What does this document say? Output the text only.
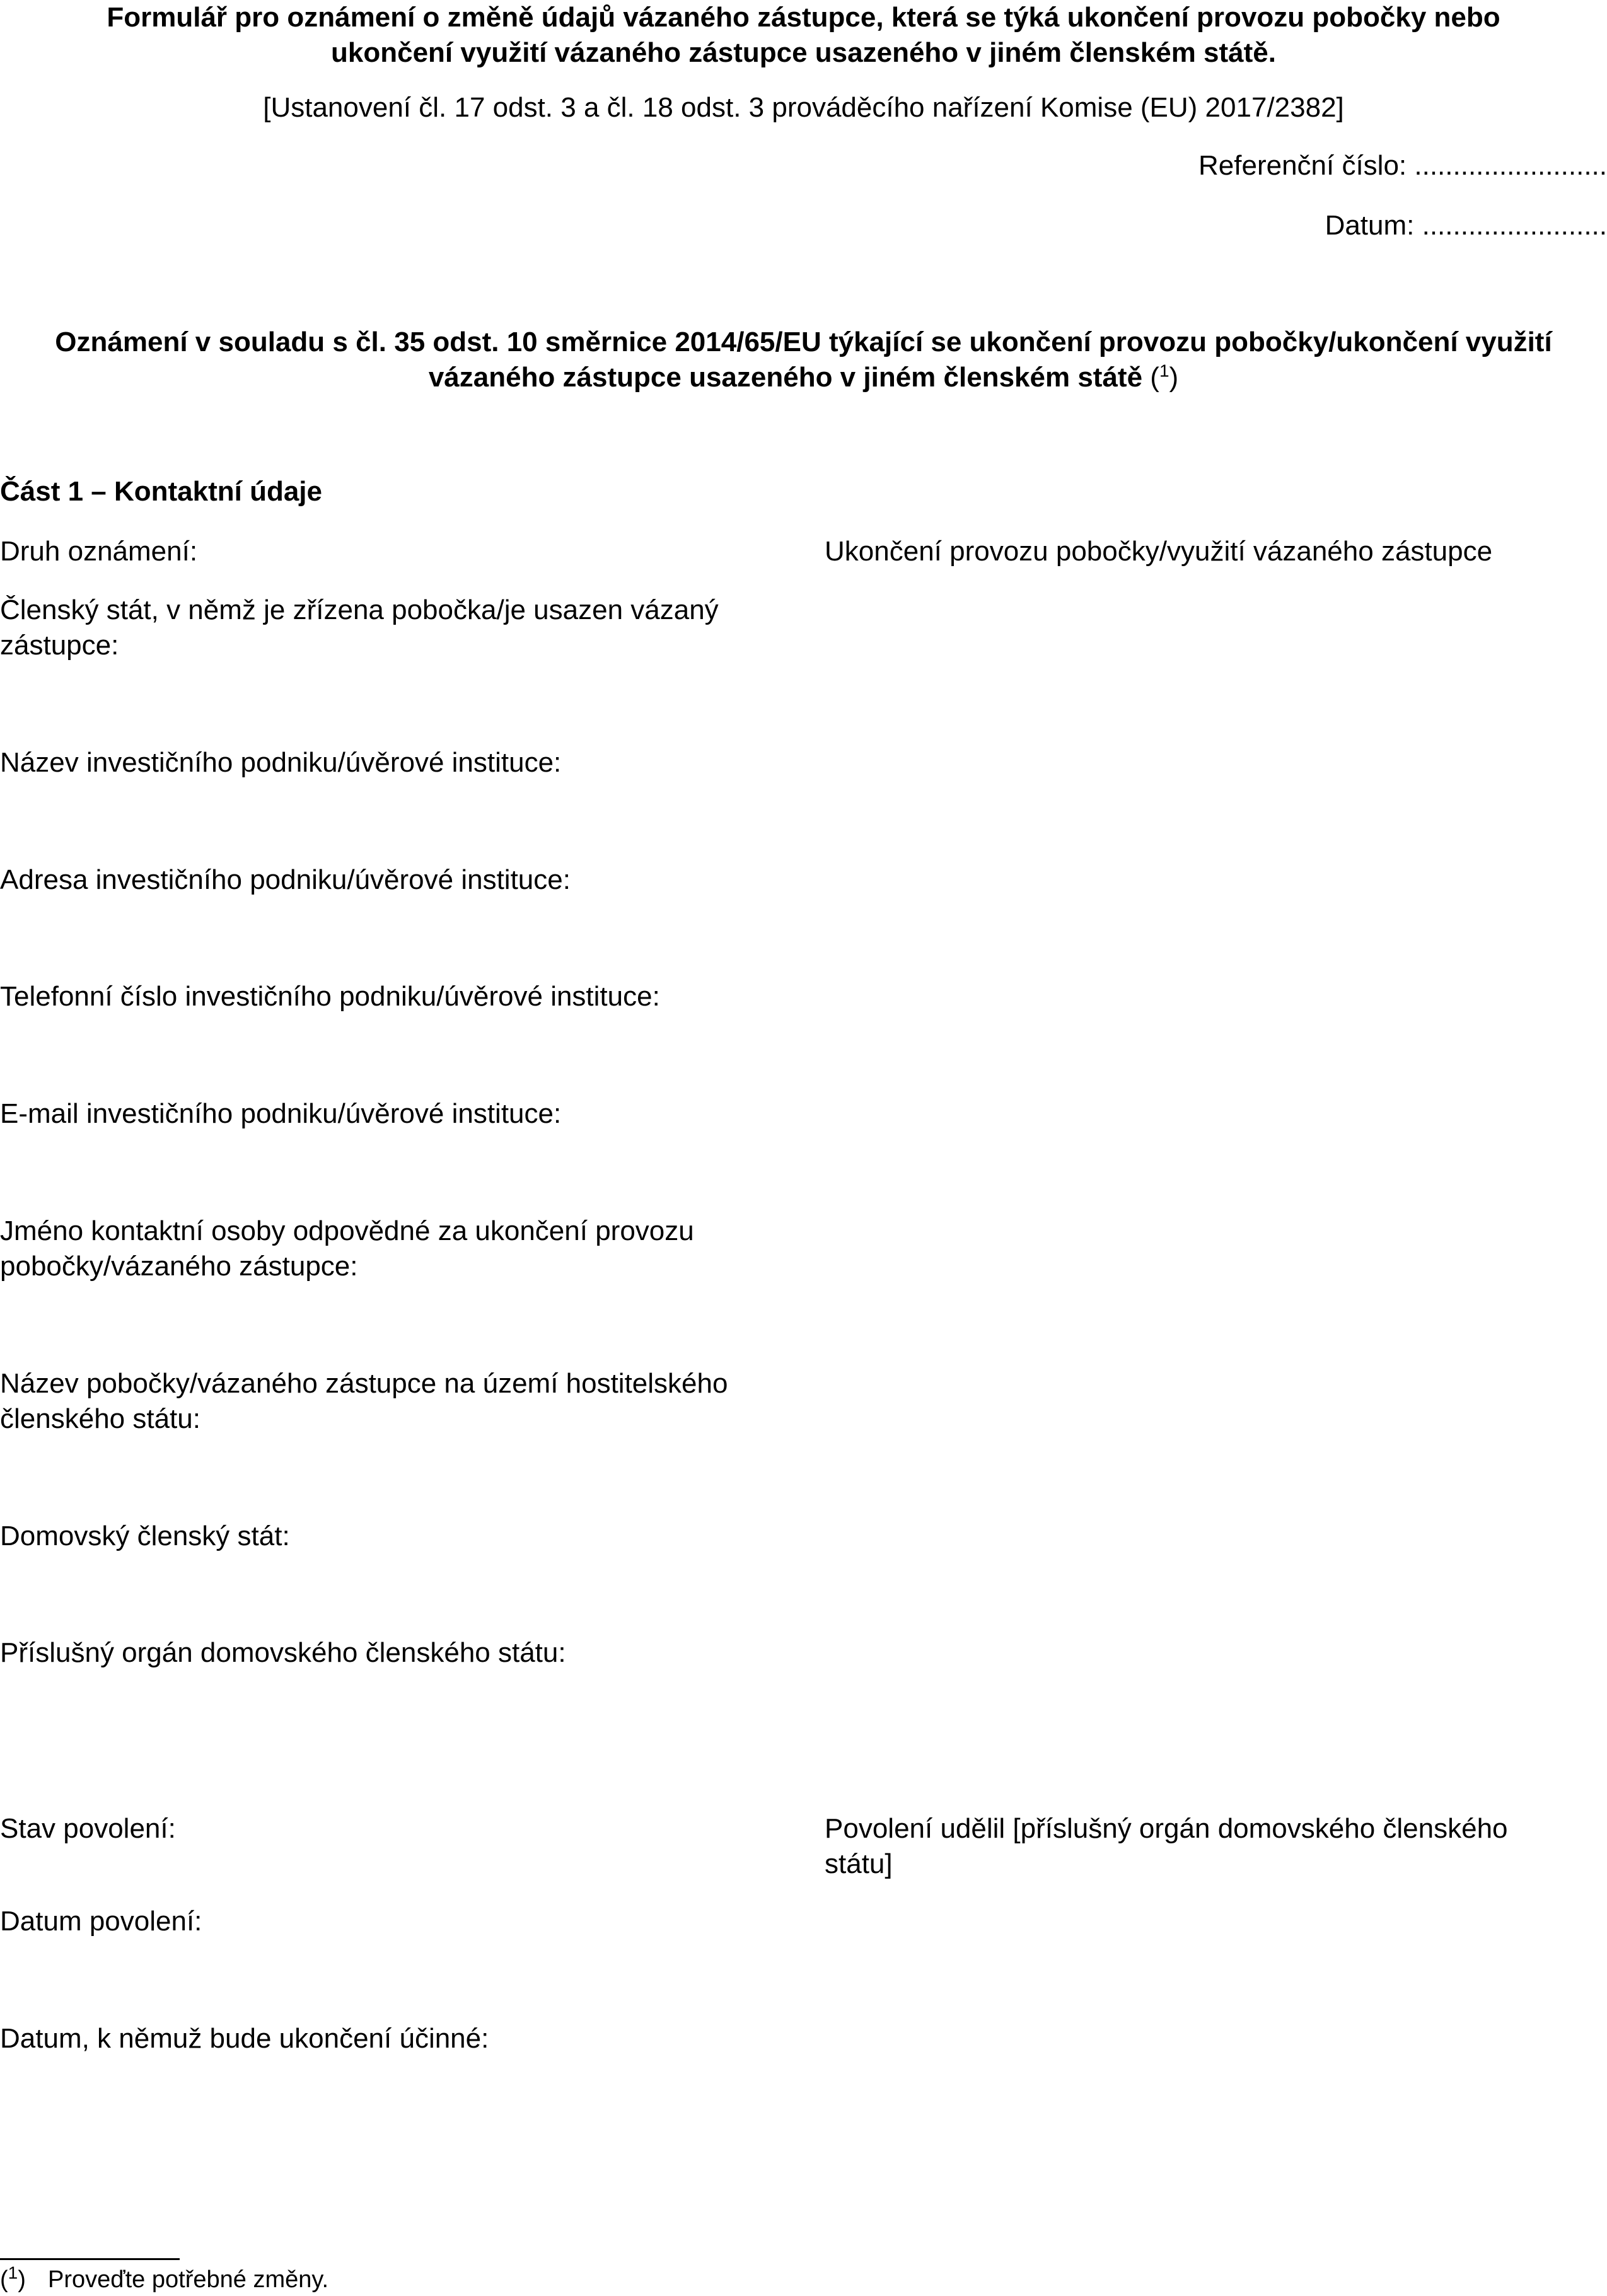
Formulář pro oznámení o změně údajů vázaného zástupce, která se týká ukončení provozu pobočky nebo
ukončení využití vázaného zástupce usazeného v jiném členském státě.
[Ustanovení čl. 17 odst. 3 a čl. 18 odst. 3 prováděcího nařízení Komise (EU) 2017/2382]
Referenční číslo: .........................
Datum: ........................
Oznámení v souladu s čl. 35 odst. 10 směrnice 2014/65/EU týkající se ukončení provozu pobočky/ukončení využití
vázaného zástupce usazeného v jiném členském státě ($^1$)
Část 1 – Kontaktní údaje
Druh oznámení:	Ukončení provozu pobočky/využití vázaného zástupce
Členský stát, v němž je zřízena pobočka/je usazen vázaný
zástupce:
Název investičního podniku/úvěrové instituce:
Adresa investičního podniku/úvěrové instituce:
Telefonní číslo investičního podniku/úvěrové instituce:
E-mail investičního podniku/úvěrové instituce:
Jméno kontaktní osoby odpovědné za ukončení provozu
pobočky/vázaného zástupce:
Název pobočky/vázaného zástupce na území hostitelského
členského státu:
Domovský členský stát:
Příslušný orgán domovského členského státu:
Stav povolení:	Povolení udělil [příslušný orgán domovského členského
státu]
Datum povolení:
Datum, k němuž bude ukončení účinné:
($^1$) Proveďte potřebné změny.
